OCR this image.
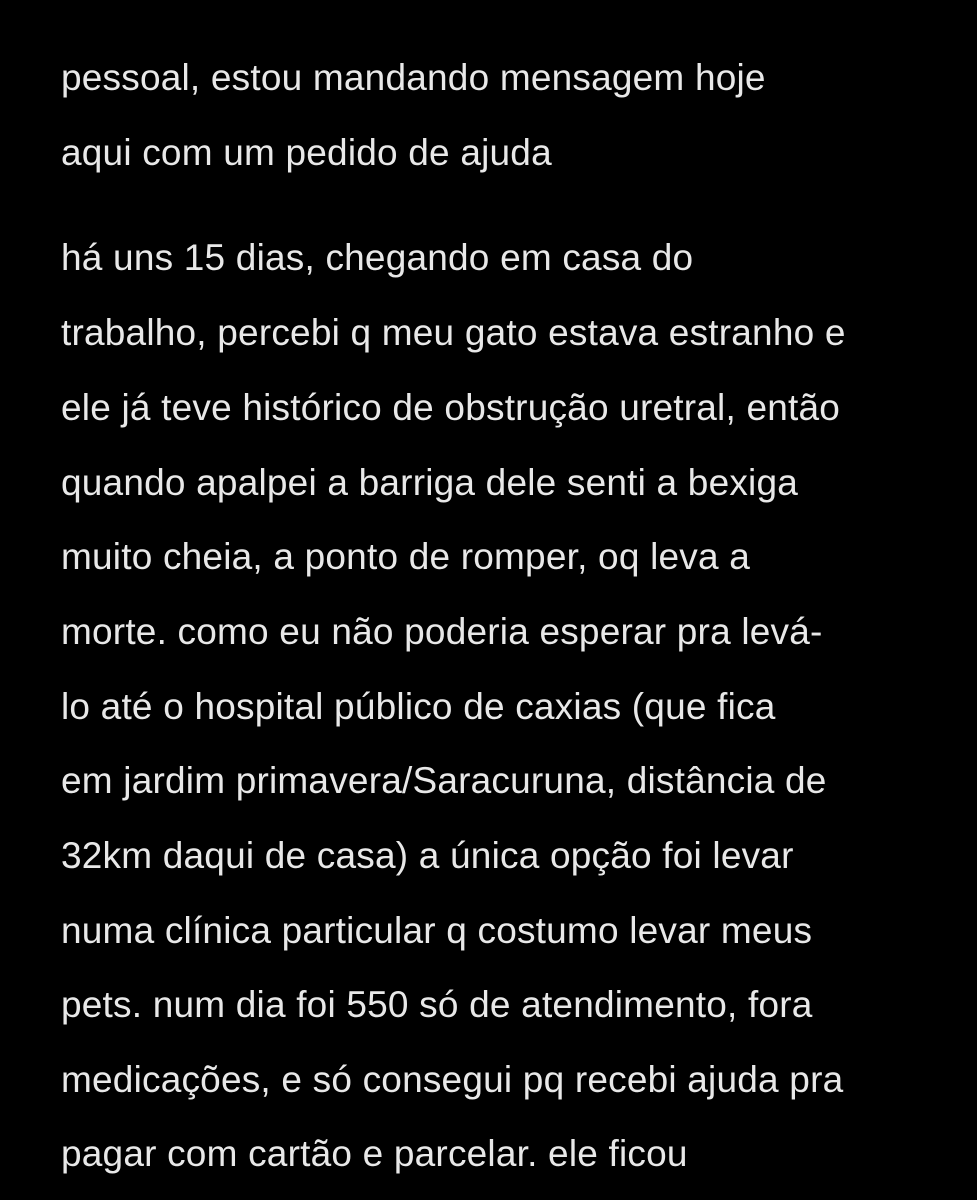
pessoal, estou mandando mensagem hoje
aqui com um pedido de ajuda
há uns 15 dias, chegando em casa do
trabalho, percebi q meu gato estava estranho e
ele já teve histórico de obstrução uretral, então
quando apalpei a barriga dele senti a bexiga
muito cheia, a ponto de romper, oq leva a
morte. como eu não poderia esperar pra levá-
lo até o hospital público de caxias (que fica
em jardim primavera/Saracuruna, distância de
32km daqui de casa) a única opção foi levar
numa clínica particular q costumo levar meus
pets. num dia foi 550 só de atendimento, fora
medicações, e só consegui pq recebi ajuda pra
pagar com cartão e parcelar. ele ficou
